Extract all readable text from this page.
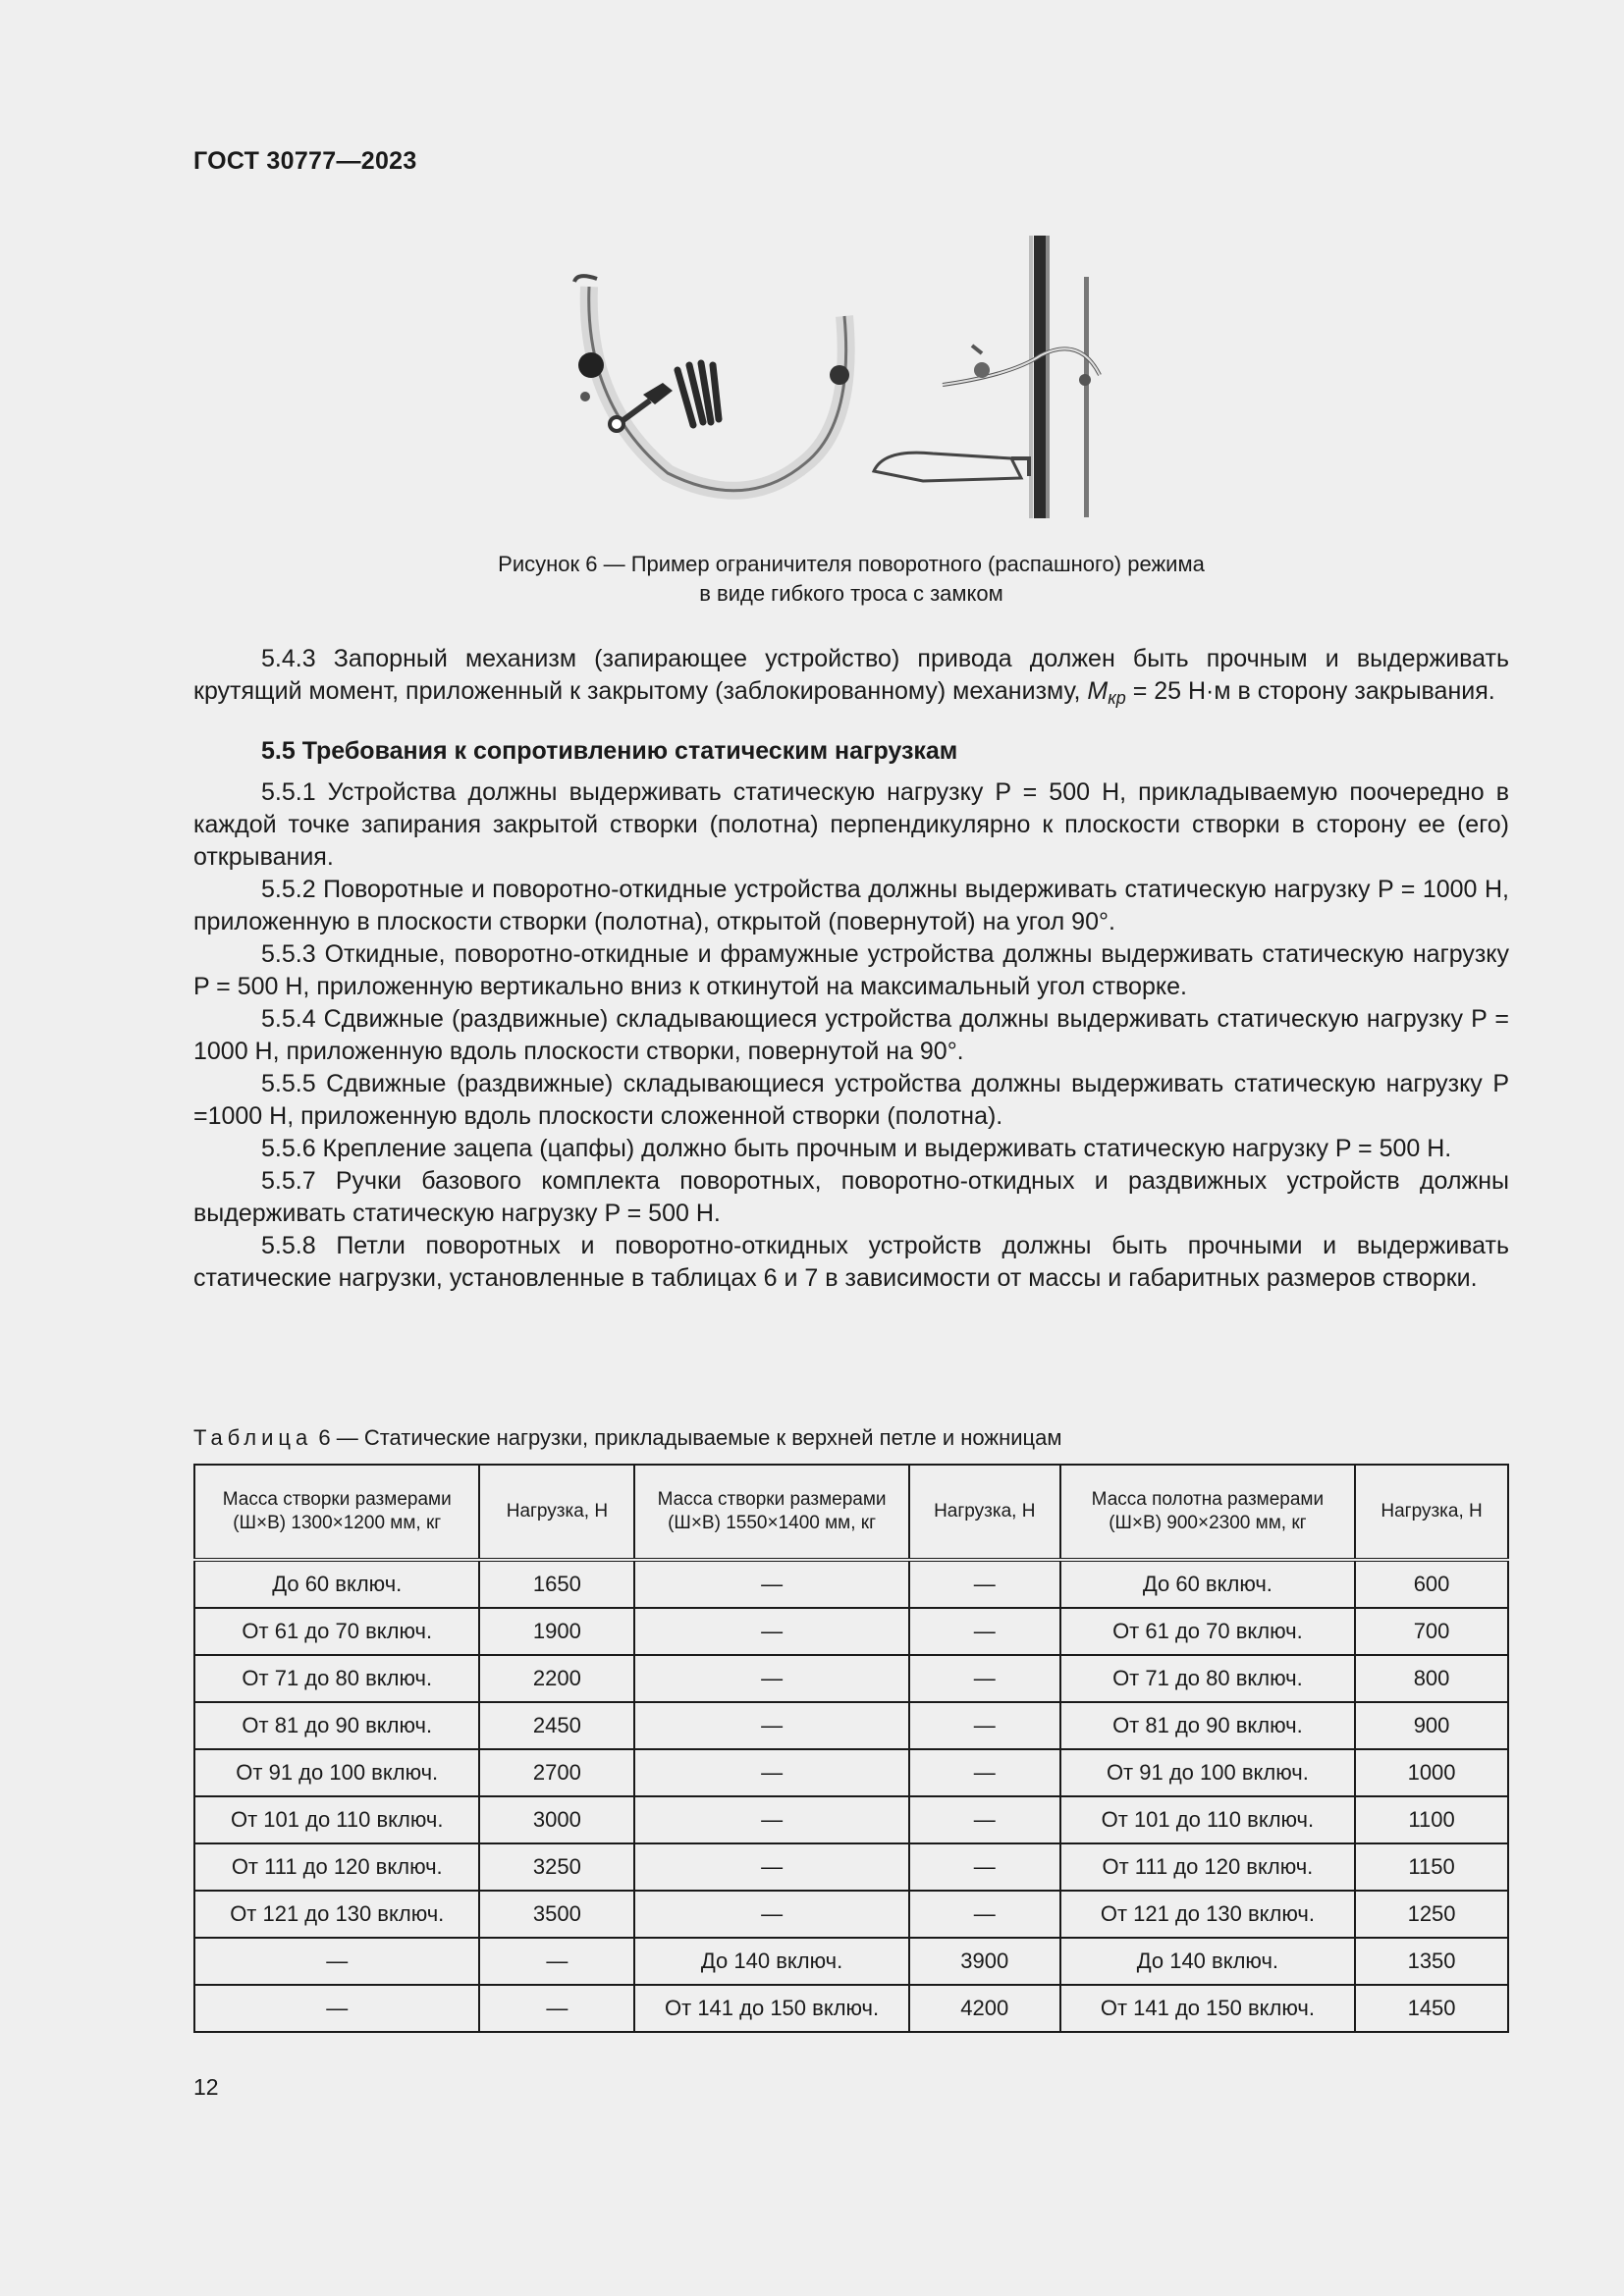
ГОСТ 30777—2023
Рисунок 6 — Пример ограничителя поворотного (распашного) режима
в виде гибкого троса с замком

5.4.3 Запорный механизм (запирающее устройство) привода должен быть прочным и выдерживать крутящий момент, приложенный к закрытому (заблокированному) механизму, $M_{кр} = 25$ Н·м в сторону закрывания.

5.5 Требования к сопротивлению статическим нагрузкам

5.5.1 Устройства должны выдерживать статическую нагрузку P = 500 Н, прикладываемую поочередно в каждой точке запирания закрытой створки (полотна) перпендикулярно к плоскости створки в сторону ее (его) открывания.

5.5.2 Поворотные и поворотно-откидные устройства должны выдерживать статическую нагрузку P = 1000 Н, приложенную в плоскости створки (полотна), открытой (повернутой) на угол 90°.

5.5.3 Откидные, поворотно-откидные и фрамужные устройства должны выдерживать статическую нагрузку P = 500 Н, приложенную вертикально вниз к откинутой на максимальный угол створке.

5.5.4 Сдвижные (раздвижные) складывающиеся устройства должны выдерживать статическую нагрузку P = 1000 Н, приложенную вдоль плоскости створки, повернутой на 90°.

5.5.5 Сдвижные (раздвижные) складывающиеся устройства должны выдерживать статическую нагрузку P =1000 Н, приложенную вдоль плоскости сложенной створки (полотна).

5.5.6 Крепление зацепа (цапфы) должно быть прочным и выдерживать статическую нагрузку P = 500 Н.

5.5.7 Ручки базового комплекта поворотных, поворотно-откидных и раздвижных устройств должны выдерживать статическую нагрузку P = 500 Н.

5.5.8 Петли поворотных и поворотно-откидных устройств должны быть прочными и выдерживать статические нагрузки, установленные в таблицах 6 и 7 в зависимости от массы и габаритных размеров створки.

Таблица 6 — Статические нагрузки, прикладываемые к верхней петле и ножницам
Масса створки размерами (Ш×В) 1300×1200 мм, кг	Нагрузка, Н	Масса створки размерами (Ш×В) 1550×1400 мм, кг	Нагрузка, Н	Масса полотна размерами (Ш×В) 900×2300 мм, кг	Нагрузка, Н
До 60 включ.	1650	—	—	До 60 включ.	600
От 61 до 70 включ.	1900	—	—	От 61 до 70 включ.	700
От 71 до 80 включ.	2200	—	—	От 71 до 80 включ.	800
От 81 до 90 включ.	2450	—	—	От 81 до 90 включ.	900
От 91 до 100 включ.	2700	—	—	От 91 до 100 включ.	1000
От 101 до 110 включ.	3000	—	—	От 101 до 110 включ.	1100
От 111 до 120 включ.	3250	—	—	От 111 до 120 включ.	1150
От 121 до 130 включ.	3500	—	—	От 121 до 130 включ.	1250
—	—	До 140 включ.	3900	До 140 включ.	1350
—	—	От 141 до 150 включ.	4200	От 141 до 150 включ.	1450
12
